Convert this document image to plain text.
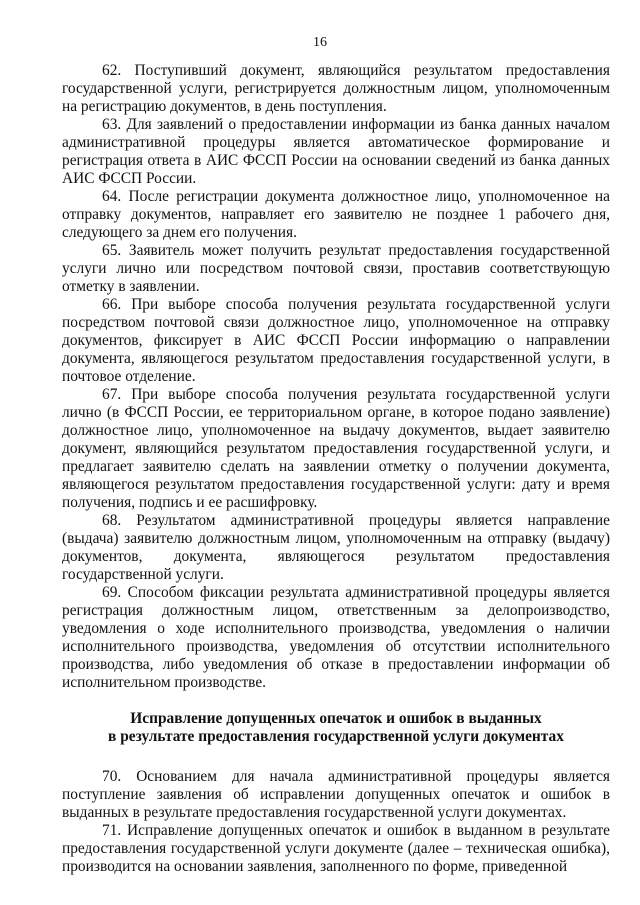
16

62. Поступивший документ, являющийся результатом предоставления государственной услуги, регистрируется должностным лицом, уполномоченным на регистрацию документов, в день поступления.

63. Для заявлений о предоставлении информации из банка данных началом административной процедуры является автоматическое формирование и регистрация ответа в АИС ФССП России на основании сведений из банка данных АИС ФССП России.

64. После регистрации документа должностное лицо, уполномоченное на отправку документов, направляет его заявителю не позднее 1 рабочего дня, следующего за днем его получения.

65. Заявитель может получить результат предоставления государственной услуги лично или посредством почтовой связи, проставив соответствующую отметку в заявлении.

66. При выборе способа получения результата государственной услуги посредством почтовой связи должностное лицо, уполномоченное на отправку документов, фиксирует в АИС ФССП России информацию о направлении документа, являющегося результатом предоставления государственной услуги, в почтовое отделение.

67. При выборе способа получения результата государственной услуги лично (в ФССП России, ее территориальном органе, в которое подано заявление) должностное лицо, уполномоченное на выдачу документов, выдает заявителю документ, являющийся результатом предоставления государственной услуги, и предлагает заявителю сделать на заявлении отметку о получении документа, являющегося результатом предоставления государственной услуги: дату и время получения, подпись и ее расшифровку.

68. Результатом административной процедуры является направление (выдача) заявителю должностным лицом, уполномоченным на отправку (выдачу) документов, документа, являющегося результатом предоставления государственной услуги.

69. Способом фиксации результата административной процедуры является регистрация должностным лицом, ответственным за делопроизводство, уведомления о ходе исполнительного производства, уведомления о наличии исполнительного производства, уведомления об отсутствии исполнительного производства, либо уведомления об отказе в предоставлении информации об исполнительном производстве.

Исправление допущенных опечаток и ошибок в выданных
в результате предоставления государственной услуги документах

70. Основанием для начала административной процедуры является поступление заявления об исправлении допущенных опечаток и ошибок в выданных в результате предоставления государственной услуги документах.

71. Исправление допущенных опечаток и ошибок в выданном в результате предоставления государственной услуги документе (далее – техническая ошибка), производится на основании заявления, заполненного по форме, приведенной
